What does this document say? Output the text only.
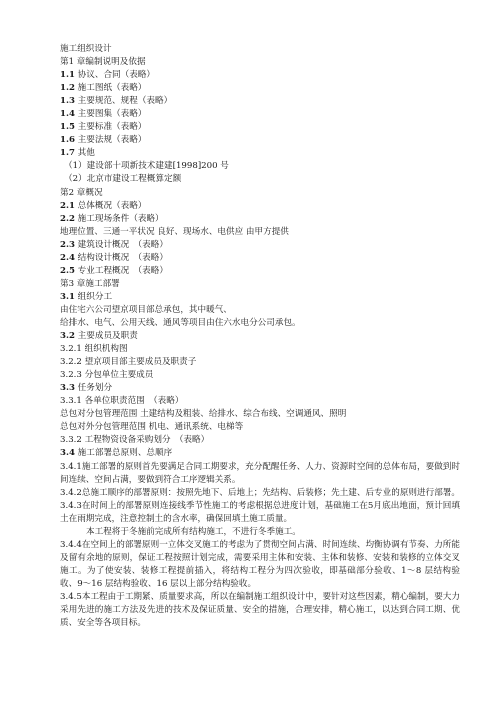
施工组织设计
第1 章编制说明及依据
1.1 协议、合同（表略）
1.2 施工图纸（表略）
1.3 主要规范、规程（表略）
1.4 主要图集（表略）
1.5 主要标准（表略）
1.6 主要法规（表略）
1.7 其他
（1）建设部十项新技术建建[1998]200 号
（2）北京市建设工程概算定额
第2 章概况
2.1 总体概况（表略）
2.2 施工现场条件（表略）
地理位置、三通一平状况 良好、现场水、电供应 由甲方提供
2.3 建筑设计概况　（表略）
2.4 结构设计概况　（表略）
2.5 专业工程概况　（表略）
第3 章施工部署
3.1 组织分工
由住宅六公司望京项目部总承包，其中暖气、
给排水、电气、公用天线、通风等项目由住六水电分公司承包。
3.2 主要成员及职责
3.2.1 组织机构图
3.2.2 望京项目部主要成员及职责子
3.2.3 分包单位主要成员
3.3 任务划分
3.3.1 各单位职责范围　（表略）
总包对分包管理范围 土建结构及粗装、给排水、综合布线、空调通风、照明
总包对外分包管理范围 机电、通讯系统、电梯等
3.3.2 工程物资设备采购划分　（表略）
3.4 施工部署总原则、总顺序
3.4.1施工部署的原则首先要满足合同工期要求，充分配醒任务、人力、资源时空间的总体布局，要做到时间连续、空间占满，要做到符合工序逻辑关系。
3.4.2总施工顺序的部署原则：按照先地下、后地上；先结构、后装修；先土建、后专业的原则进行部署。
3.4.3在时间上的部署原则连接线季节性施工的考虑根据总进度计划，基础施工在5月底出地面，预计回填土在雨期完成，注意控制土的含水率，确保回填土施工质量。
本工程将于冬施前完成所有结构施工，不进行冬季施工。
3.4.4在空间上的部署原则一立体交叉施工的考虑为了贯彻空间占满、时间连续、均衡协调有节奏、力所能及留有余地的原则，保证工程按照计划完成，需要采用主体和安装、主体和装修、安装和装修的立体交叉施工。为了使安装、装修工程提前插入，将结构工程分为四次验收，即基础部分验收、1～8 层结构验收、9～16 层结构验收、16 层以上部分结构验收。
3.4.5本工程由于工期紧、质量要求高，所以在编制施工组织设计中，要针对这些因素，精心编制，要大力采用先进的施工方法及先进的技术及保证质量、安全的措施，合理安排，精心施工，以达到合同工期、优质、安全等各项目标。
